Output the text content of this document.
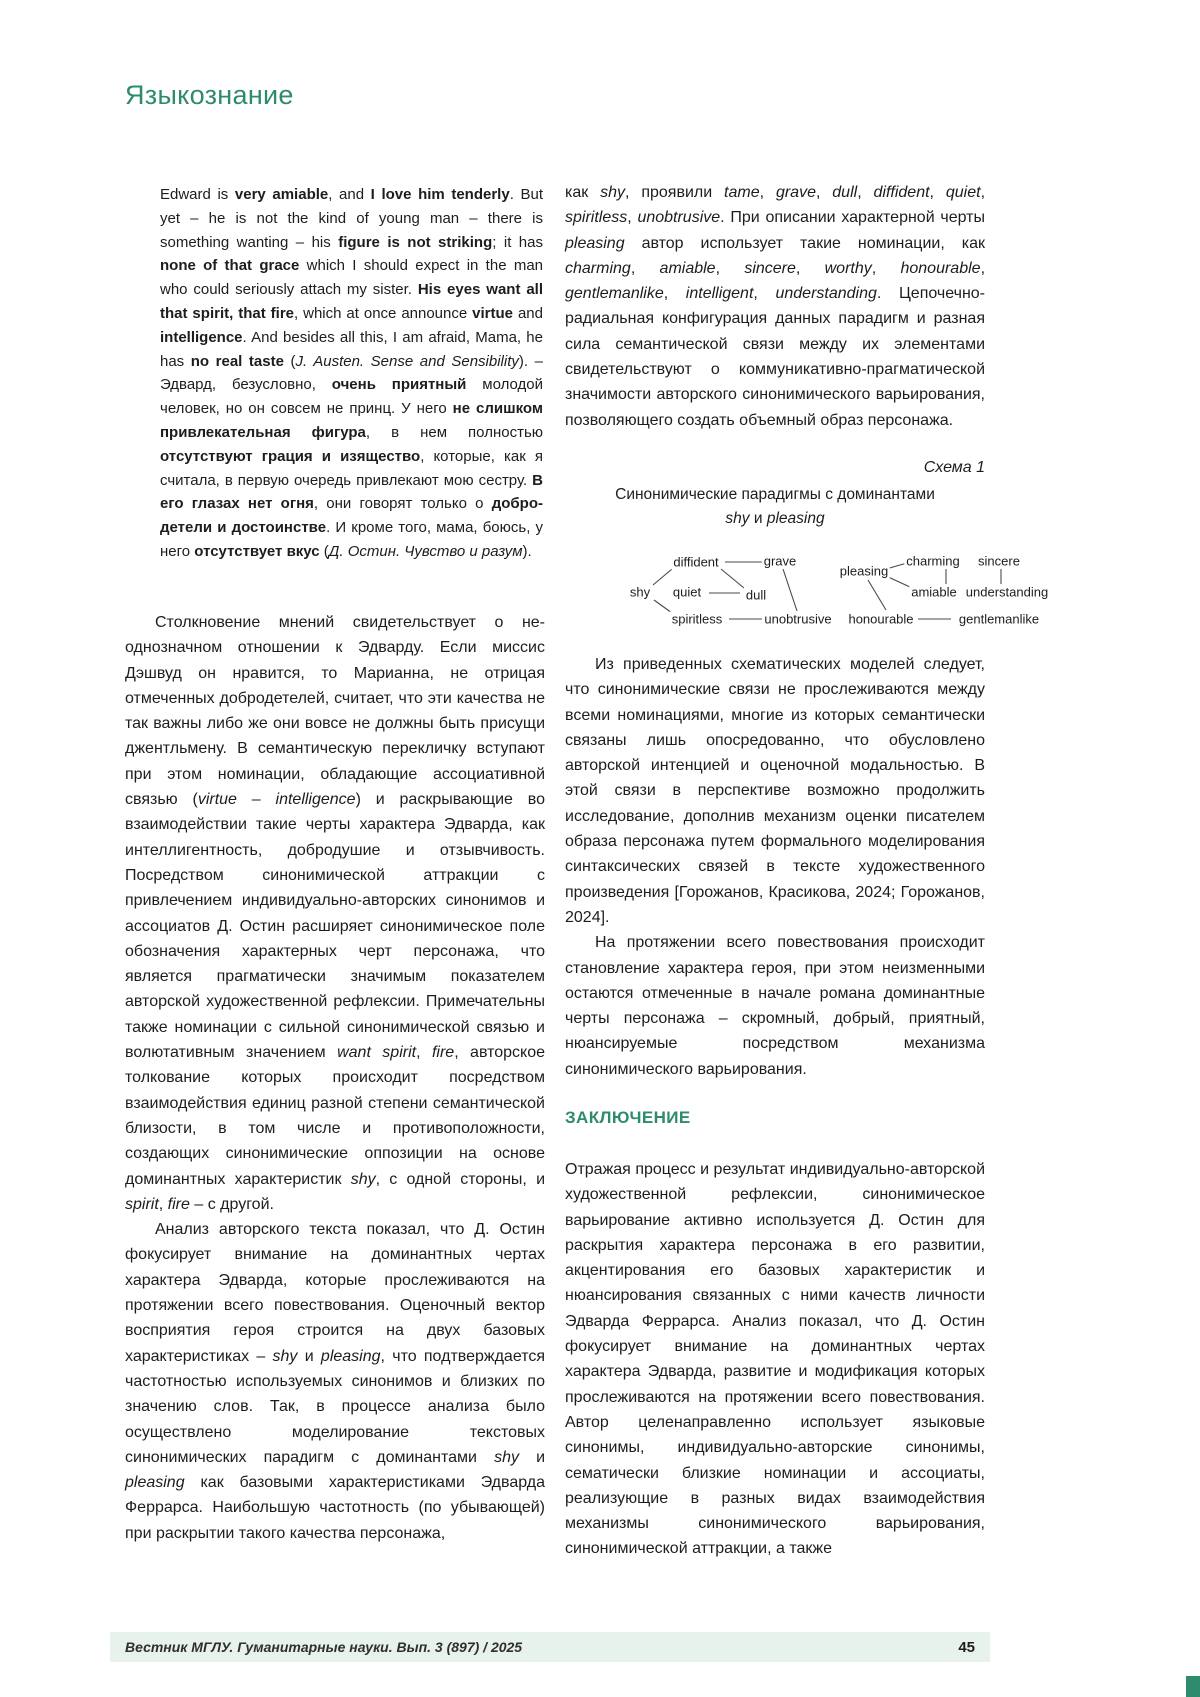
Языкознание
Edward is very amiable, and I love him tenderly. But yet – he is not the kind of young man – there is something wanting – his figure is not striking; it has none of that grace which I should expect in the man who could seriously attach my sister. His eyes want all that spirit, that fire, which at once announce virtue and intelligence. And besides all this, I am afraid, Mama, he has no real taste (J. Austen. Sense and Sensibility). – Эдвард, безусловно, очень приятный молодой человек, но он совсем не принц. У него не слишком привлекательная фигура, в нем полностью отсутствуют грация и изящество, которые, как я считала, в первую очередь привлекают мою сестру. В его глазах нет огня, они говорят только о добродетели и достоинстве. И кроме того, мама, боюсь, у него отсутствует вкус (Д. Остин. Чувство и разум).

Столкновение мнений свидетельствует о неоднозначном отношении к Эдварду. Если миссис Дэшвуд он нравится, то Марианна, не отрицая отмеченных добродетелей, считает, что эти качества не так важны либо же они вовсе не должны быть присущи джентльмену. В семантическую перекличку вступают при этом номинации, обладающие ассоциативной связью (virtue – intelligence) и раскрывающие во взаимодействии такие черты характера Эдварда, как интеллигентность, добродушие и отзывчивость. Посредством синонимической аттракции с привлечением индивидуально-авторских синонимов и ассоциатов Д. Остин расширяет синонимическое поле обозначения характерных черт персонажа, что является прагматически значимым показателем авторской художественной рефлексии. Примечательны также номинации с сильной синонимической связью и волютативным значением want spirit, fire, авторское толкование которых происходит посредством взаимодействия единиц разной степени семантической близости, в том числе и противоположности, создающих синонимические оппозиции на основе доминантных характеристик shy, с одной стороны, и spirit, fire – с другой.

Анализ авторского текста показал, что Д. Остин фокусирует внимание на доминантных чертах характера Эдварда, которые прослеживаются на протяжении всего повествования. Оценочный вектор восприятия героя строится на двух базовых характеристиках – shy и pleasing, что подтверждается частотностью используемых синонимов и близких по значению слов. Так, в процессе анализа было осуществлено моделирование текстовых синонимических парадигм с доминантами shy и pleasing как базовыми характеристиками Эдварда Феррарса. Наибольшую частотность (по убывающей) при раскрытии такого качества персонажа,

как shy, проявили tame, grave, dull, diffident, quiet, spiritless, unobtrusive. При описании характерной черты pleasing автор использует такие номинации, как charming, amiable, sincere, worthy, honourable, gentlemanlike, intelligent, understanding. Цепочечно-радиальная конфигурация данных парадигм и разная сила семантической связи между их элементами свидетельствуют о коммуникативно-прагматической значимости авторского синонимического варьирования, позволяющего создать объемный образ персонажа.

Схема 1
Синонимические парадигмы с доминантами
shy и pleasing
shy
diffident	grave
quiet	dull
spiritless	unobtrusive
pleasing
charming sincere
amiable understanding
honourable	gentlemanlike

Из приведенных схематических моделей следует, что синонимические связи не прослеживаются между всеми номинациями, многие из которых семантически связаны лишь опосредованно, что обусловлено авторской интенцией и оценочной модальностью. В этой связи в перспективе возможно продолжить исследование, дополнив механизм оценки писателем образа персонажа путем формального моделирования синтаксических связей в тексте художественного произведения [Горожанов, Красикова, 2024; Горожанов, 2024].

На протяжении всего повествования происходит становление характера героя, при этом неизменными остаются отмеченные в начале романа доминантные черты персонажа – скромный, добрый, приятный, нюансируемые посредством механизма синонимического варьирования.

ЗАКЛЮЧЕНИЕ

Отражая процесс и результат индивидуально-авторской художественной рефлексии, синонимическое варьирование активно используется Д. Остин для раскрытия характера персонажа в его развитии, акцентирования его базовых характеристик и нюансирования связанных с ними качеств личности Эдварда Феррарса. Анализ показал, что Д. Остин фокусирует внимание на доминантных чертах характера Эдварда, развитие и модификация которых прослеживаются на протяжении всего повествования. Автор целенаправленно использует языковые синонимы, индивидуально-авторские синонимы, сематически близкие номинации и ассоциаты, реализующие в разных видах взаимодействия механизмы синонимического варьирования, синонимической аттракции, а также

Вестник МГЛУ. Гуманитарные науки. Вып. 3 (897) / 2025	45
